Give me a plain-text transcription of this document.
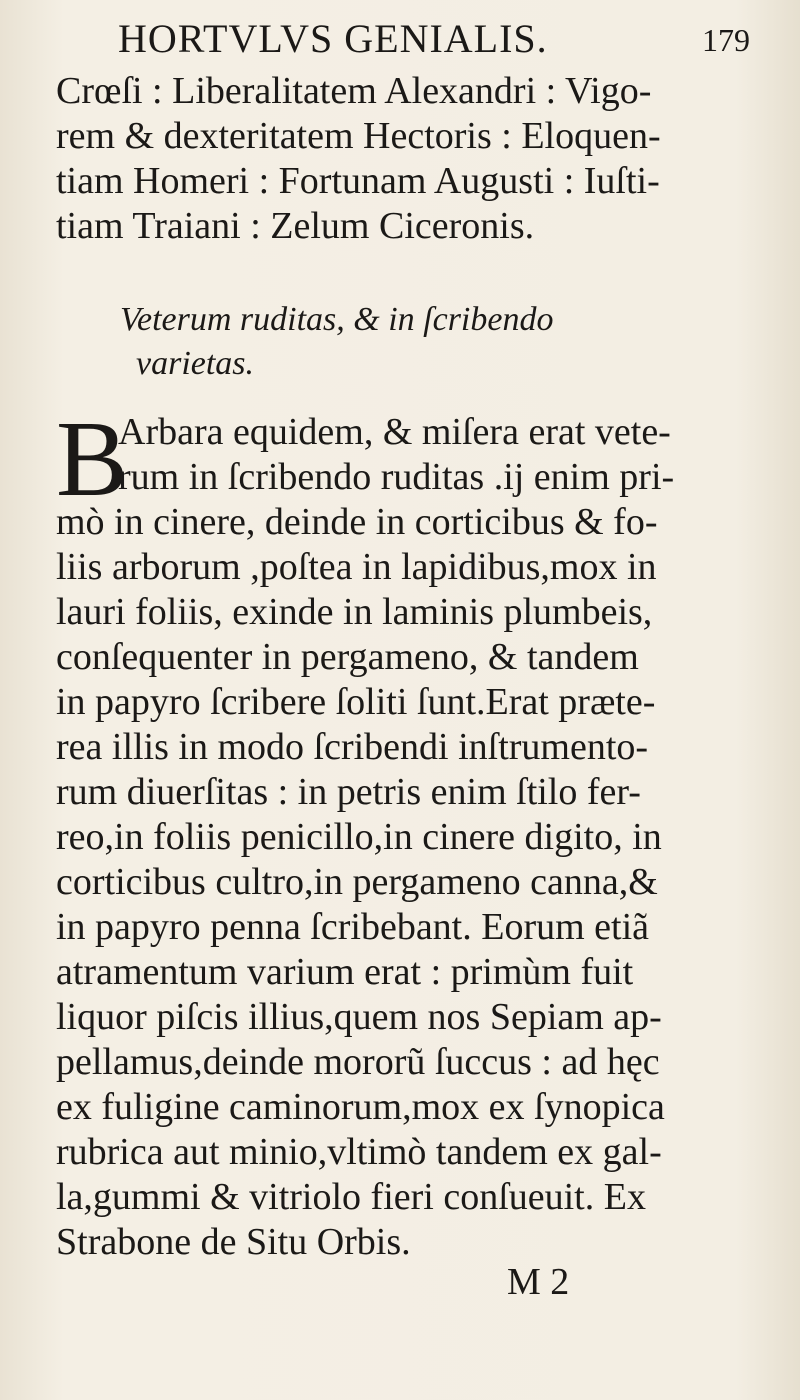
HORTVLVS GENIALIS.	179
Crœſi : Liberalitatem Alexandri : Vigo-
rem & dexteritatem Hectoris : Eloquen-
tiam Homeri : Fortunam Augusti : Iuſti-
tiam Traiani : Zelum Ciceronis.
Veterum ruditas, & in ſcribendo
varietas.
B
Arbara equidem, & miſera erat vete-
rum in ſcribendo ruditas .ij enim pri-
mò in cinere, deinde in corticibus & fo-
liis arborum ,poſtea in lapidibus,mox in
lauri foliis, exinde in laminis plumbeis,
conſequenter in pergameno, & tandem
in papyro ſcribere ſoliti ſunt.Erat præte-
rea illis in modo ſcribendi inſtrumento-
rum diuerſitas : in petris enim ſtilo fer-
reo,in foliis penicillo,in cinere digito, in
corticibus cultro,in pergameno canna,&
in papyro penna ſcribebant. Eorum etiã
atramentum varium erat : primùm fuit
liquor piſcis illius,quem nos Sepiam ap-
pellamus,deinde mororũ ſuccus : ad hęc
ex fuligine caminorum,mox ex ſynopica
rubrica aut minio,vltimò tandem ex gal-
la,gummi & vitriolo fieri conſueuit. Ex
Strabone de Situ Orbis.
M 2
